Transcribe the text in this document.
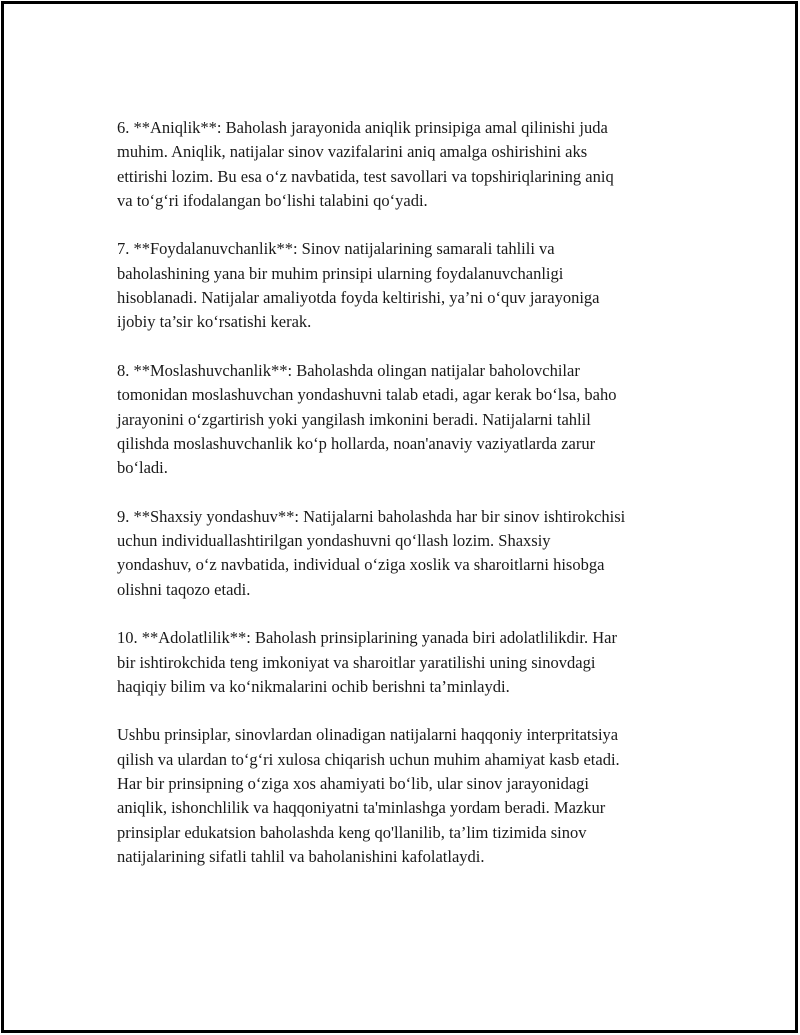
6. **Aniqlik**: Baholash jarayonida aniqlik prinsipiga amal qilinishi juda
muhim. Aniqlik, natijalar sinov vazifalarini aniq amalga oshirishini aks
ettirishi lozim. Bu esa o‘z navbatida, test savollari va topshiriqlarining aniq
va to‘g‘ri ifodalangan bo‘lishi talabini qo‘yadi.

7. **Foydalanuvchanlik**: Sinov natijalarining samarali tahlili va
baholashining yana bir muhim prinsipi ularning foydalanuvchanligi
hisoblanadi. Natijalar amaliyotda foyda keltirishi, ya’ni o‘quv jarayoniga
ijobiy ta’sir ko‘rsatishi kerak.

8. **Moslashuvchanlik**: Baholashda olingan natijalar baholovchilar
tomonidan moslashuvchan yondashuvni talab etadi, agar kerak bo‘lsa, baho
jarayonini o‘zgartirish yoki yangilash imkonini beradi. Natijalarni tahlil
qilishda moslashuvchanlik ko‘p hollarda, noan'anaviy vaziyatlarda zarur
bo‘ladi.

9. **Shaxsiy yondashuv**: Natijalarni baholashda har bir sinov ishtirokchisi
uchun individuallashtirilgan yondashuvni qo‘llash lozim. Shaxsiy
yondashuv, o‘z navbatida, individual o‘ziga xoslik va sharoitlarni hisobga
olishni taqozo etadi.

10. **Adolatlilik**: Baholash prinsiplarining yanada biri adolatlilikdir. Har
bir ishtirokchida teng imkoniyat va sharoitlar yaratilishi uning sinovdagi
haqiqiy bilim va ko‘nikmalarini ochib berishni ta’minlaydi.

Ushbu prinsiplar, sinovlardan olinadigan natijalarni haqqoniy interpritatsiya
qilish va ulardan to‘g‘ri xulosa chiqarish uchun muhim ahamiyat kasb etadi.
Har bir prinsipning o‘ziga xos ahamiyati bo‘lib, ular sinov jarayonidagi
aniqlik, ishonchlilik va haqqoniyatni ta'minlashga yordam beradi. Mazkur
prinsiplar edukatsion baholashda keng qo'llanilib, ta’lim tizimida sinov
natijalarining sifatli tahlil va baholanishini kafolatlaydi.
